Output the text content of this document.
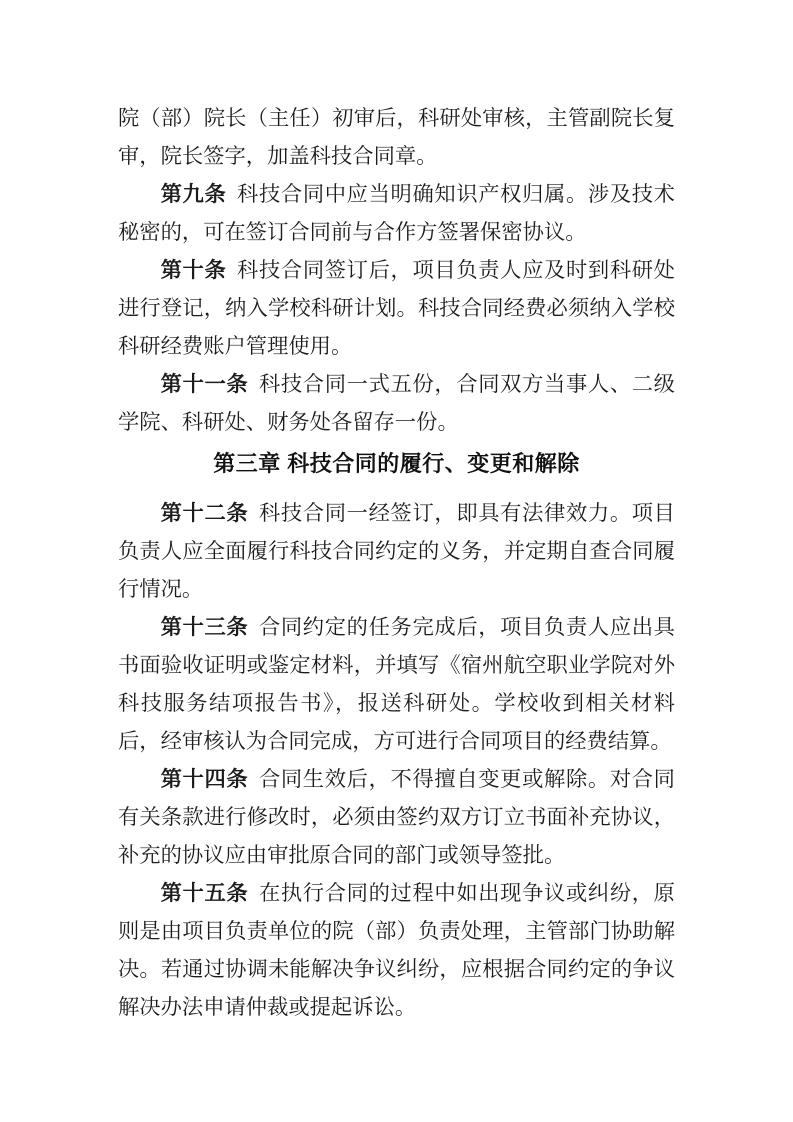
院（部）院长（主任）初审后，科研处审核，主管副院长复审，院长签字，加盖科技合同章。

第九条 科技合同中应当明确知识产权归属。涉及技术秘密的，可在签订合同前与合作方签署保密协议。

第十条 科技合同签订后，项目负责人应及时到科研处进行登记，纳入学校科研计划。科技合同经费必须纳入学校科研经费账户管理使用。

第十一条 科技合同一式五份，合同双方当事人、二级学院、科研处、财务处各留存一份。

第三章 科技合同的履行、变更和解除

第十二条 科技合同一经签订，即具有法律效力。项目负责人应全面履行科技合同约定的义务，并定期自查合同履行情况。

第十三条 合同约定的任务完成后，项目负责人应出具书面验收证明或鉴定材料，并填写《宿州航空职业学院对外科技服务结项报告书》，报送科研处。学校收到相关材料后，经审核认为合同完成，方可进行合同项目的经费结算。

第十四条 合同生效后，不得擅自变更或解除。对合同有关条款进行修改时，必须由签约双方订立书面补充协议，补充的协议应由审批原合同的部门或领导签批。

第十五条 在执行合同的过程中如出现争议或纠纷，原则是由项目负责单位的院（部）负责处理，主管部门协助解决。若通过协调未能解决争议纠纷，应根据合同约定的争议解决办法申请仲裁或提起诉讼。
